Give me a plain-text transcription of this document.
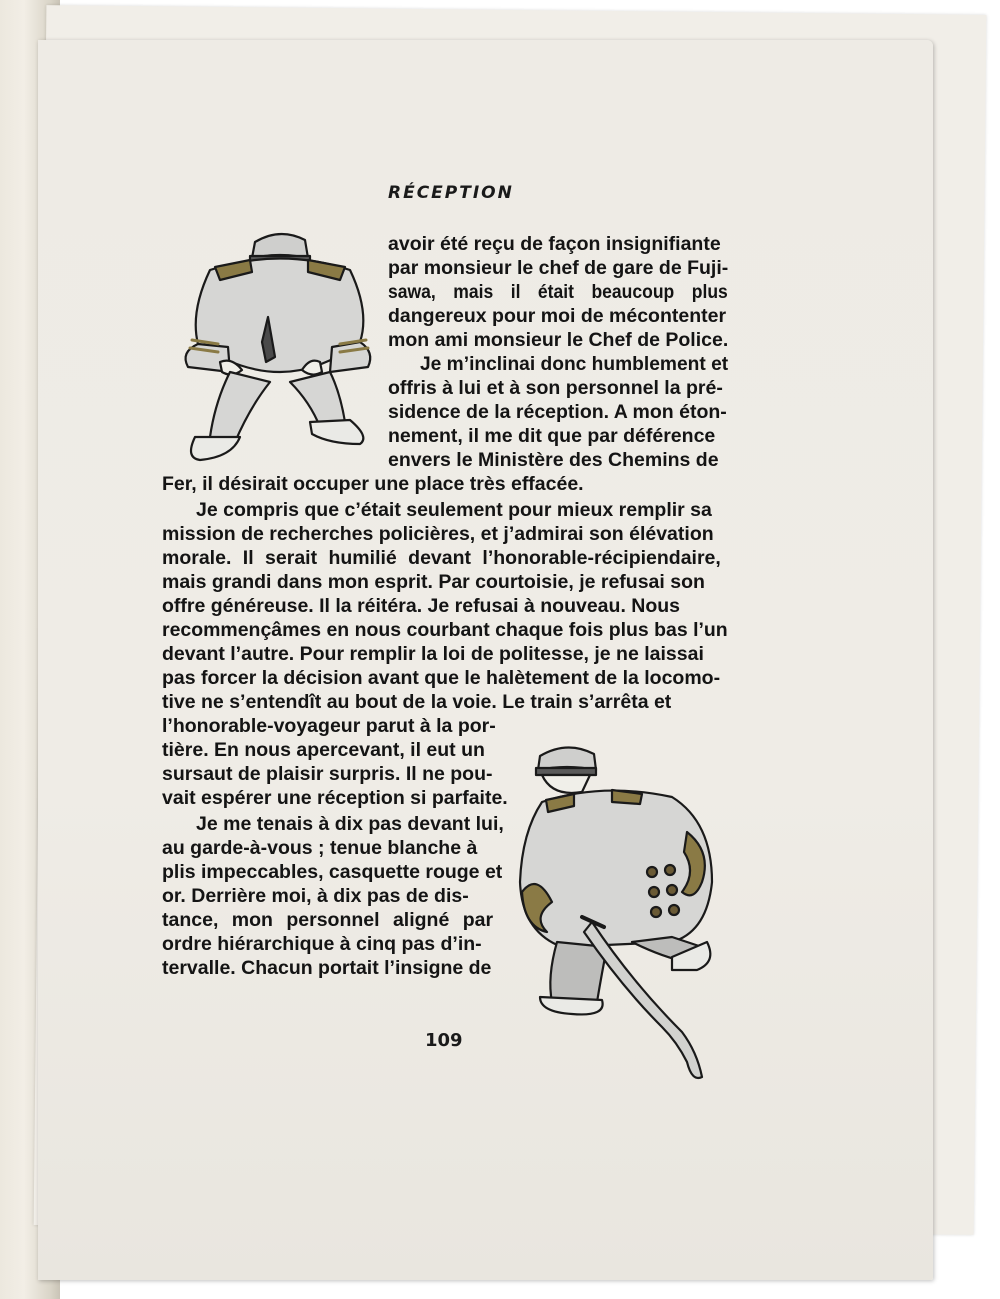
RÉCEPTION
avoir été reçu de façon insignifiante
par monsieur le chef de gare de Fuji-
sawa, mais il était beaucoup plus
dangereux pour moi de mécontenter
mon ami monsieur le Chef de Police.
Je m’inclinai donc humblement et
offris à lui et à son personnel la pré-
sidence de la réception. A mon éton-
nement, il me dit que par déférence
envers le Ministère des Chemins de
Fer, il désirait occuper une place très effacée.
Je compris que c’était seulement pour mieux remplir sa
mission de recherches policières, et j’admirai son élévation
morale. Il serait humilié devant l’honorable-récipiendaire,
mais grandi dans mon esprit. Par courtoisie, je refusai son
offre généreuse. Il la réitéra. Je refusai à nouveau. Nous
recommençâmes en nous courbant chaque fois plus bas l’un
devant l’autre. Pour remplir la loi de politesse, je ne laissai
pas forcer la décision avant que le halètement de la locomo-
tive ne s’entendît au bout de la voie. Le train s’arrêta et
l’honorable-voyageur parut à la por-
tière. En nous apercevant, il eut un
sursaut de plaisir surpris. Il ne pou-
vait espérer une réception si parfaite.
Je me tenais à dix pas devant lui,
au garde-à-vous ; tenue blanche à
plis impeccables, casquette rouge et
or. Derrière moi, à dix pas de dis-
tance, mon personnel aligné par
ordre hiérarchique à cinq pas d’in-
tervalle. Chacun portait l’insigne de
109
